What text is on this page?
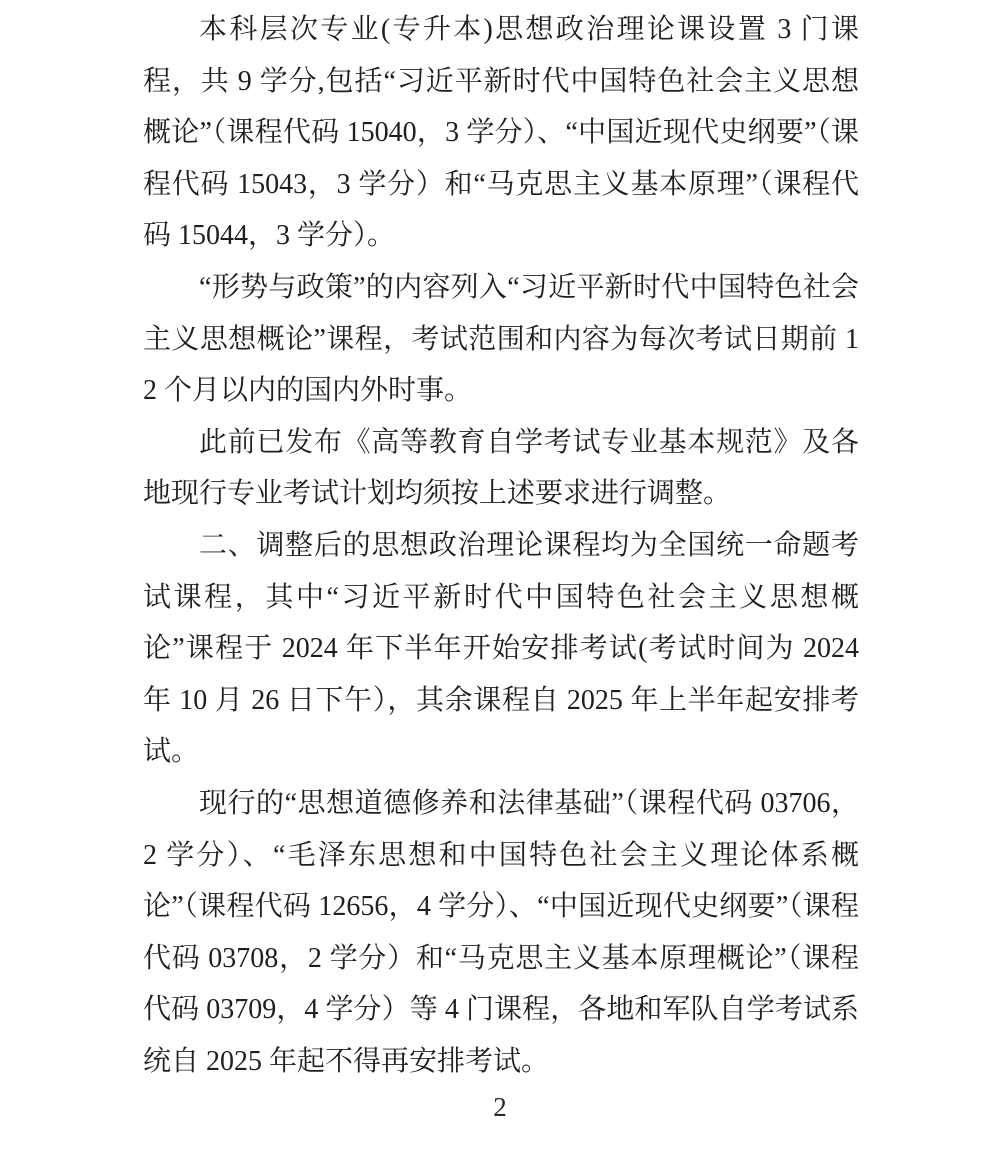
本科层次专业(专升本)思想政治理论课设置 3 门课程，共 9 学分,包括“习近平新时代中国特色社会主义思想概论”（课程代码 15040，3 学分）、“中国近现代史纲要”（课程代码 15043，3 学分）和“马克思主义基本原理”（课程代码 15044，3 学分）。

“形势与政策”的内容列入“习近平新时代中国特色社会主义思想概论”课程，考试范围和内容为每次考试日期前 12 个月以内的国内外时事。

此前已发布《高等教育自学考试专业基本规范》及各地现行专业考试计划均须按上述要求进行调整。

二、调整后的思想政治理论课程均为全国统一命题考试课程，其中“习近平新时代中国特色社会主义思想概论”课程于 2024 年下半年开始安排考试(考试时间为 2024 年 10 月 26 日下午），其余课程自 2025 年上半年起安排考试。

现行的“思想道德修养和法律基础”（课程代码 03706，2 学分）、“毛泽东思想和中国特色社会主义理论体系概论”（课程代码 12656，4 学分）、“中国近现代史纲要”（课程代码 03708，2 学分）和“马克思主义基本原理概论”（课程代码 03709，4 学分）等 4 门课程，各地和军队自学考试系统自 2025 年起不得再安排考试。

2
